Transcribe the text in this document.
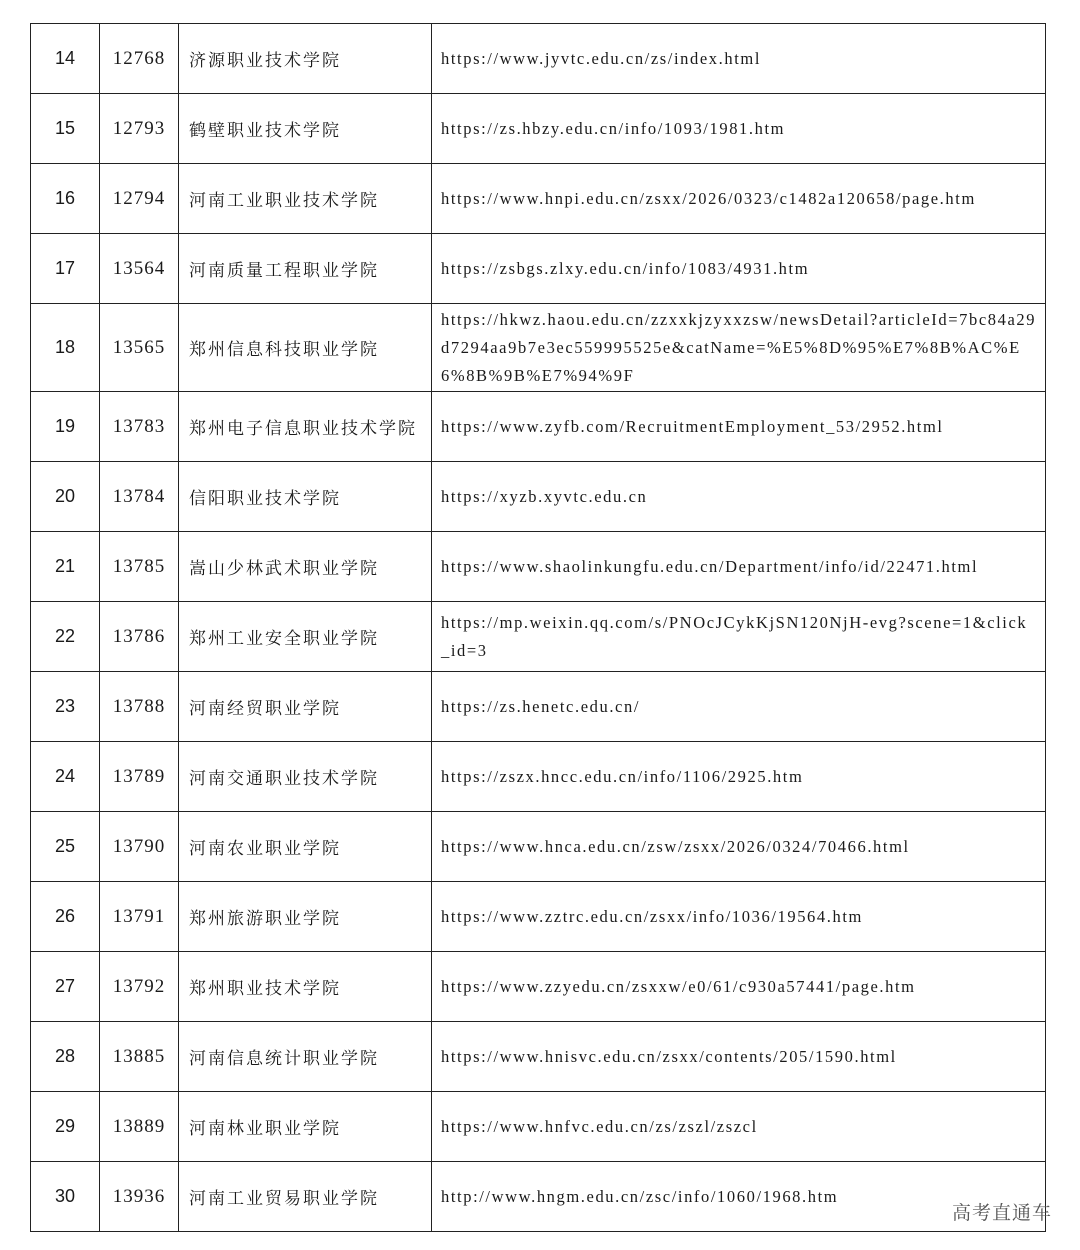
14	12768	济源职业技术学院	https://www.jyvtc.edu.cn/zs/index.html
15	12793	鹤壁职业技术学院	https://zs.hbzy.edu.cn/info/1093/1981.htm
16	12794	河南工业职业技术学院	https://www.hnpi.edu.cn/zsxx/2026/0323/c1482a120658/page.htm
17	13564	河南质量工程职业学院	https://zsbgs.zlxy.edu.cn/info/1083/4931.htm
18	13565	郑州信息科技职业学院	https://hkwz.haou.edu.cn/zzxxkjzyxxzsw/newsDetail?articleId=7bc84a29d7294aa9b7e3ec559995525e&catName=%E5%8D%95%E7%8B%AC%E6%8B%9B%E7%94%9F
19	13783	郑州电子信息职业技术学院	https://www.zyfb.com/RecruitmentEmployment_53/2952.html
20	13784	信阳职业技术学院	https://xyzb.xyvtc.edu.cn
21	13785	嵩山少林武术职业学院	https://www.shaolinkungfu.edu.cn/Department/info/id/22471.html
22	13786	郑州工业安全职业学院	https://mp.weixin.qq.com/s/PNOcJCykKjSN120NjH-evg?scene=1&click_id=3
23	13788	河南经贸职业学院	https://zs.henetc.edu.cn/
24	13789	河南交通职业技术学院	https://zszx.hncc.edu.cn/info/1106/2925.htm
25	13790	河南农业职业学院	https://www.hnca.edu.cn/zsw/zsxx/2026/0324/70466.html
26	13791	郑州旅游职业学院	https://www.zztrc.edu.cn/zsxx/info/1036/19564.htm
27	13792	郑州职业技术学院	https://www.zzyedu.cn/zsxxw/e0/61/c930a57441/page.htm
28	13885	河南信息统计职业学院	https://www.hnisvc.edu.cn/zsxx/contents/205/1590.html
29	13889	河南林业职业学院	https://www.hnfvc.edu.cn/zs/zszl/zszcl
30	13936	河南工业贸易职业学院	http://www.hngm.edu.cn/zsc/info/1060/1968.htm
高考直通车
